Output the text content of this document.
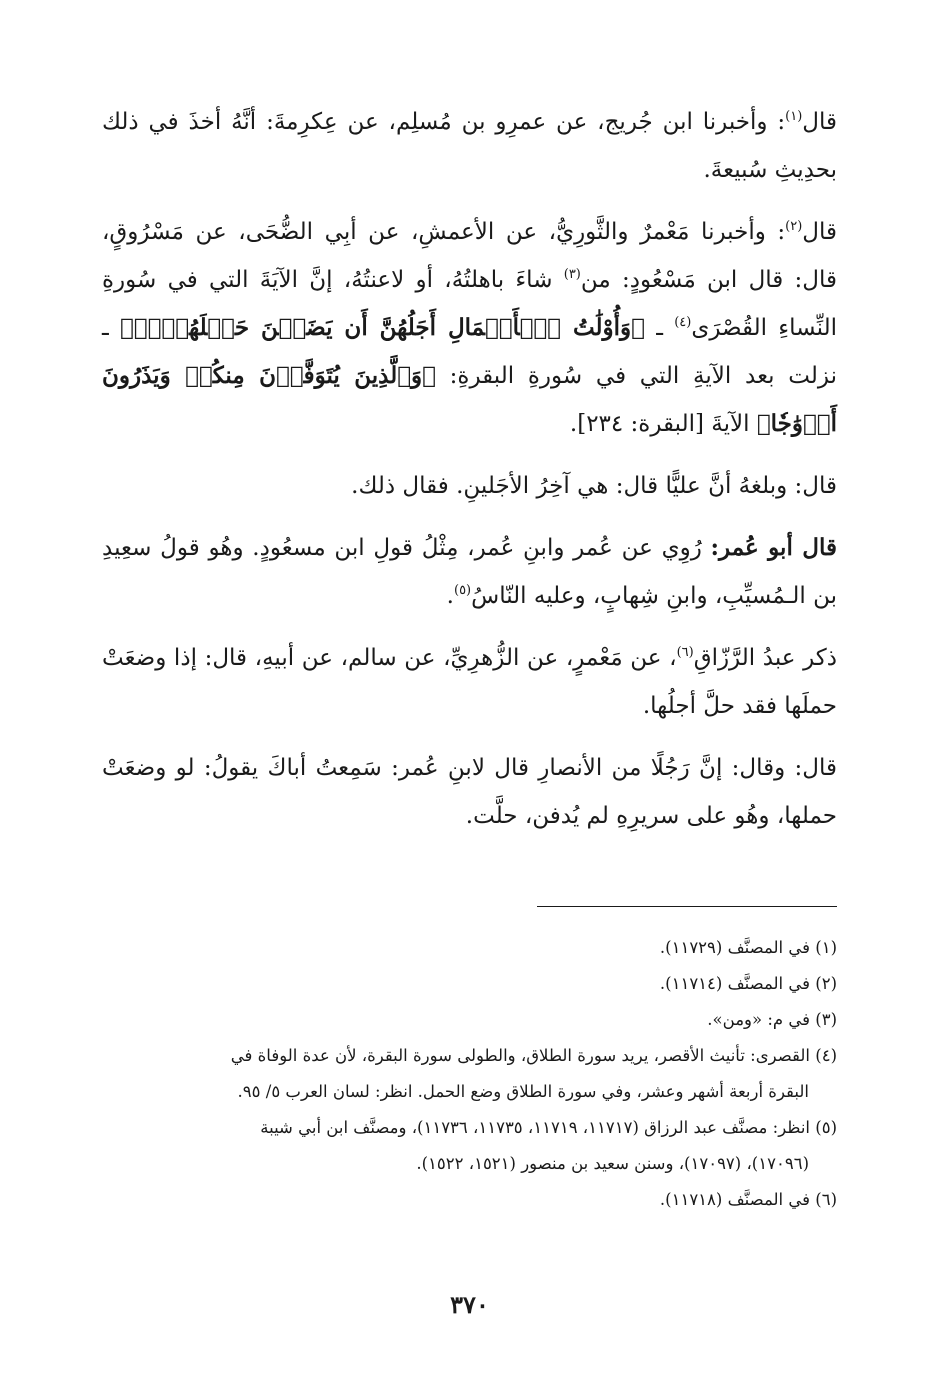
قال$^{(١)}$: وأخبرنا ابن جُريج، عن عمرِو بن مُسلِم، عن عِكرِمةَ: أنَّهُ أخذَ في ذلك بحدِيثِ سُبيعةَ.

قال$^{(٢)}$: وأخبرنا مَعْمرٌ والثَّورِيُّ، عن الأعمشِ، عن أبِي الضُّحَى، عن مَسْرُوقٍ، قال: قال ابن مَسْعُودٍ: من$^{(٣)}$ شاءَ باهلتُهُ، أو لاعنتُهُ، إنَّ الآيَةَ التي في سُورةِ النِّساءِ القُصْرَى$^{(٤)}$ ـ ﴿وَأُوْلَٰتُ ٱلۡأَحۡمَالِ أَجَلُهُنَّ أَن يَضَعۡنَ حَمۡلَهُنَّۚ﴾ ـ نزلت بعد الآيةِ التي في سُورةِ البقرةِ: ﴿وَٱلَّذِينَ يُتَوَفَّوۡنَ مِنكُمۡ وَيَذَرُونَ أَزۡوَٰجٗا﴾ الآيةَ [البقرة: ٢٣٤].

قال: وبلغهُ أنَّ عليًّا قال: هي آخِرُ الأجَلينِ. فقال ذلك.

قال أبو عُمر: رُوِي عن عُمر وابنِ عُمر، مِثْلُ قولِ ابن مسعُودٍ. وهُو قولُ سعِيدِ بن الـمُسيِّبِ، وابنِ شِهابٍ، وعليه النّاسُ$^{(٥)}$.

ذكر عبدُ الرَّزّاقِ$^{(٦)}$، عن مَعْمرٍ، عن الزُّهرِيِّ، عن سالم، عن أبيهِ، قال: إذا وضعَتْ حملَها فقد حلَّ أجلُها.

قال: وقال: إنَّ رَجُلًا من الأنصارِ قال لابنِ عُمر: سَمِعتُ أباكَ يقولُ: لو وضعَتْ حملها، وهُو على سريرِهِ لم يُدفن، حلَّت.

(١) في المصنَّف (١١٧٢٩).

(٢) في المصنَّف (١١٧١٤).

(٣) في م: «ومن».

(٤) القصرى: تأنيث الأقصر، يريد سورة الطلاق، والطولى سورة البقرة، لأن عدة الوفاة في
البقرة أربعة أشهر وعشر، وفي سورة الطلاق وضع الحمل. انظر: لسان العرب ٥/ ٩٥.

(٥) انظر: مصنَّف عبد الرزاق (١١٧١٧، ١١٧١٩، ١١٧٣٥، ١١٧٣٦)، ومصنَّف ابن أبي شيبة
(١٧٠٩٦)، (١٧٠٩٧)، وسنن سعيد بن منصور (١٥٢١، ١٥٢٢).

(٦) في المصنَّف (١١٧١٨).

٣٧٠
